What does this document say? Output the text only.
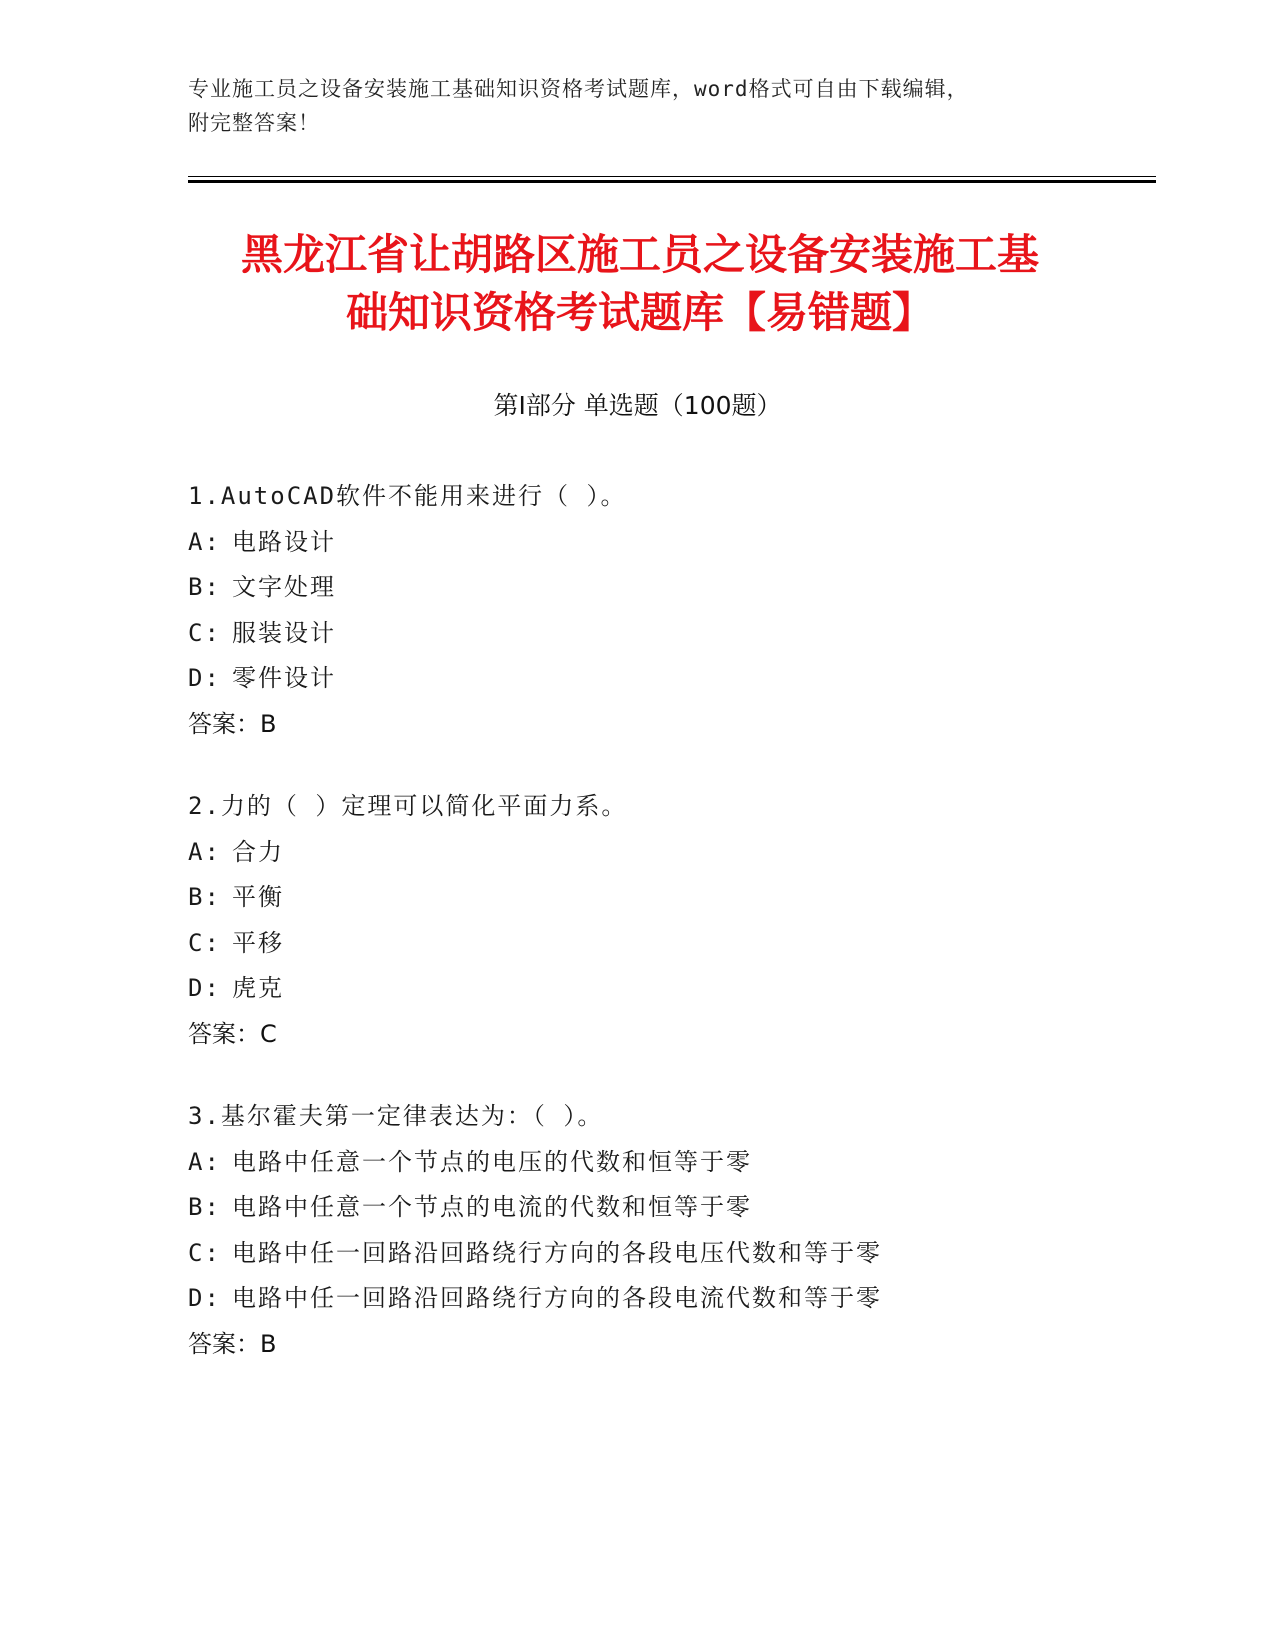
专业施工员之设备安装施工基础知识资格考试题库，word格式可自由下载编辑，
附完整答案！
黑龙江省让胡路区施工员之设备安装施工基
础知识资格考试题库【易错题】
第Ⅰ部分 单选题（100题）
1.AutoCAD软件不能用来进行（ ）。
A: 电路设计
B: 文字处理
C: 服装设计
D: 零件设计
答案：B
2.力的（ ）定理可以简化平面力系。
A: 合力
B: 平衡
C: 平移
D: 虎克
答案：C
3.基尔霍夫第一定律表达为：（ ）。
A: 电路中任意一个节点的电压的代数和恒等于零
B: 电路中任意一个节点的电流的代数和恒等于零
C: 电路中任一回路沿回路绕行方向的各段电压代数和等于零
D: 电路中任一回路沿回路绕行方向的各段电流代数和等于零
答案：B
